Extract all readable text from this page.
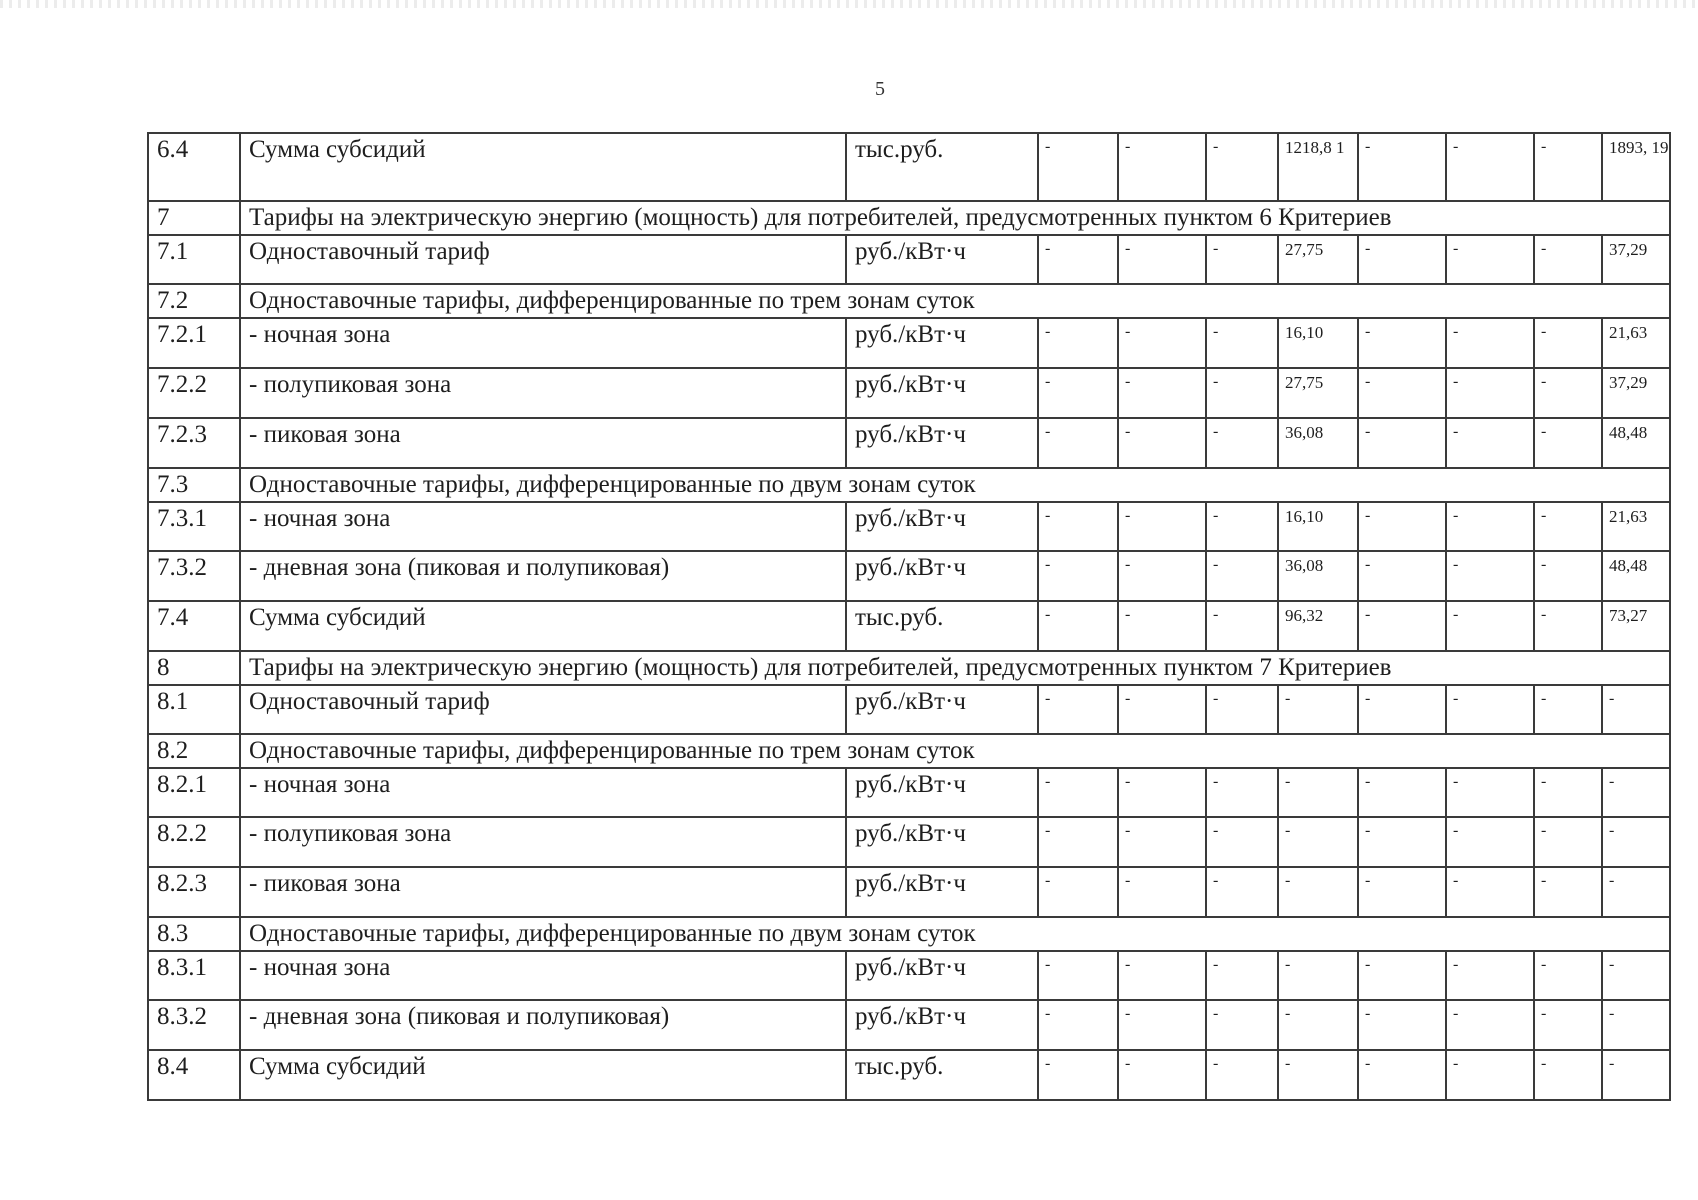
5
6.4	Сумма субсидий	тыс.руб.	-	-	-	1218,8 1	-	-	-	1893, 19
7	Тарифы на электрическую энергию (мощность) для потребителей, предусмотренных пунктом 6 Критериев									
7.1	Одноставочный тариф	руб./кВт·ч	-	-	-	27,75	-	-	-	37,29
7.2	Одноставочные тарифы, дифференцированные по трем зонам суток									
7.2.1	- ночная зона	руб./кВт·ч	-	-	-	16,10	-	-	-	21,63
7.2.2	- полупиковая зона	руб./кВт·ч	-	-	-	27,75	-	-	-	37,29
7.2.3	- пиковая зона	руб./кВт·ч	-	-	-	36,08	-	-	-	48,48
7.3	Одноставочные тарифы, дифференцированные по двум зонам суток									
7.3.1	- ночная зона	руб./кВт·ч	-	-	-	16,10	-	-	-	21,63
7.3.2	- дневная зона (пиковая и полупиковая)	руб./кВт·ч	-	-	-	36,08	-	-	-	48,48
7.4	Сумма субсидий	тыс.руб.	-	-	-	96,32	-	-	-	73,27
8	Тарифы на электрическую энергию (мощность) для потребителей, предусмотренных пунктом 7 Критериев									
8.1	Одноставочный тариф	руб./кВт·ч	-	-	-	-	-	-	-	-
8.2	Одноставочные тарифы, дифференцированные по трем зонам суток									
8.2.1	- ночная зона	руб./кВт·ч	-	-	-	-	-	-	-	-
8.2.2	- полупиковая зона	руб./кВт·ч	-	-	-	-	-	-	-	-
8.2.3	- пиковая зона	руб./кВт·ч	-	-	-	-	-	-	-	-
8.3	Одноставочные тарифы, дифференцированные по двум зонам суток									
8.3.1	- ночная зона	руб./кВт·ч	-	-	-	-	-	-	-	-
8.3.2	- дневная зона (пиковая и полупиковая)	руб./кВт·ч	-	-	-	-	-	-	-	-
8.4	Сумма субсидий	тыс.руб.	-	-	-	-	-	-	-	-
